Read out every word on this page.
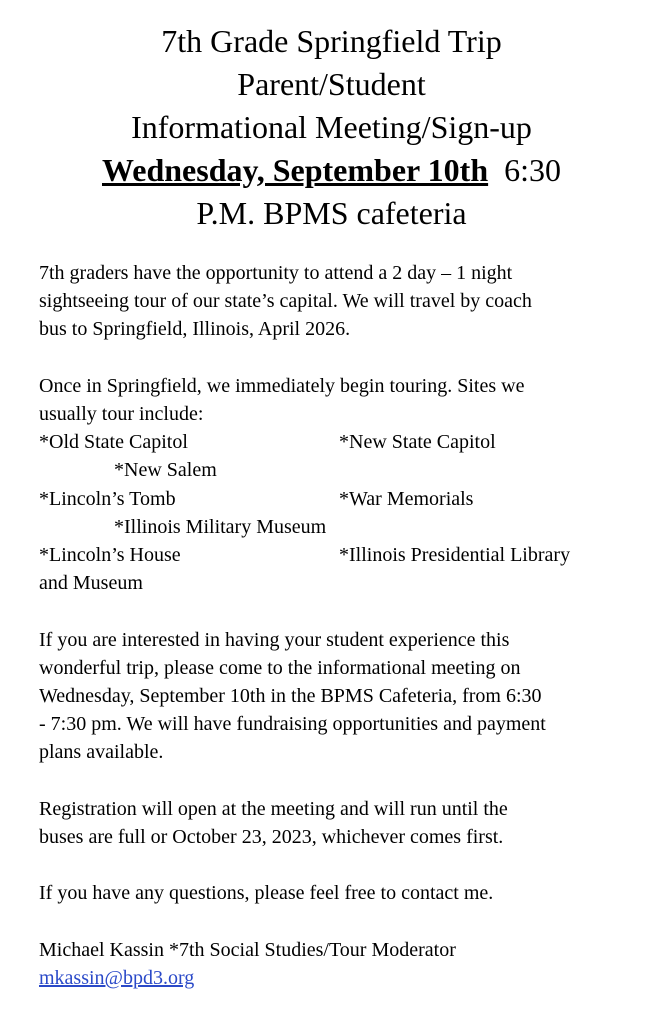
7th Grade Springfield Trip
Parent/Student
Informational Meeting/Sign-up
Wednesday, September 10th 6:30
P.M. BPMS cafeteria
7th graders have the opportunity to attend a 2 day – 1 night
sightseeing tour of our state’s capital. We will travel by coach
bus to Springfield, Illinois, April 2026.
Once in Springfield, we immediately begin touring. Sites we
usually tour include:
*Old State Capitol	*New State Capitol
*New Salem
*Lincoln’s Tomb	*War Memorials
*Illinois Military Museum
*Lincoln’s House	*Illinois Presidential Library
and Museum
If you are interested in having your student experience this
wonderful trip, please come to the informational meeting on
Wednesday, September 10th in the BPMS Cafeteria, from 6:30
- 7:30 pm. We will have fundraising opportunities and payment
plans available.
Registration will open at the meeting and will run until the
buses are full or October 23, 2023, whichever comes first.
If you have any questions, please feel free to contact me.
Michael Kassin *7th Social Studies/Tour Moderator
mkassin@bpd3.org
